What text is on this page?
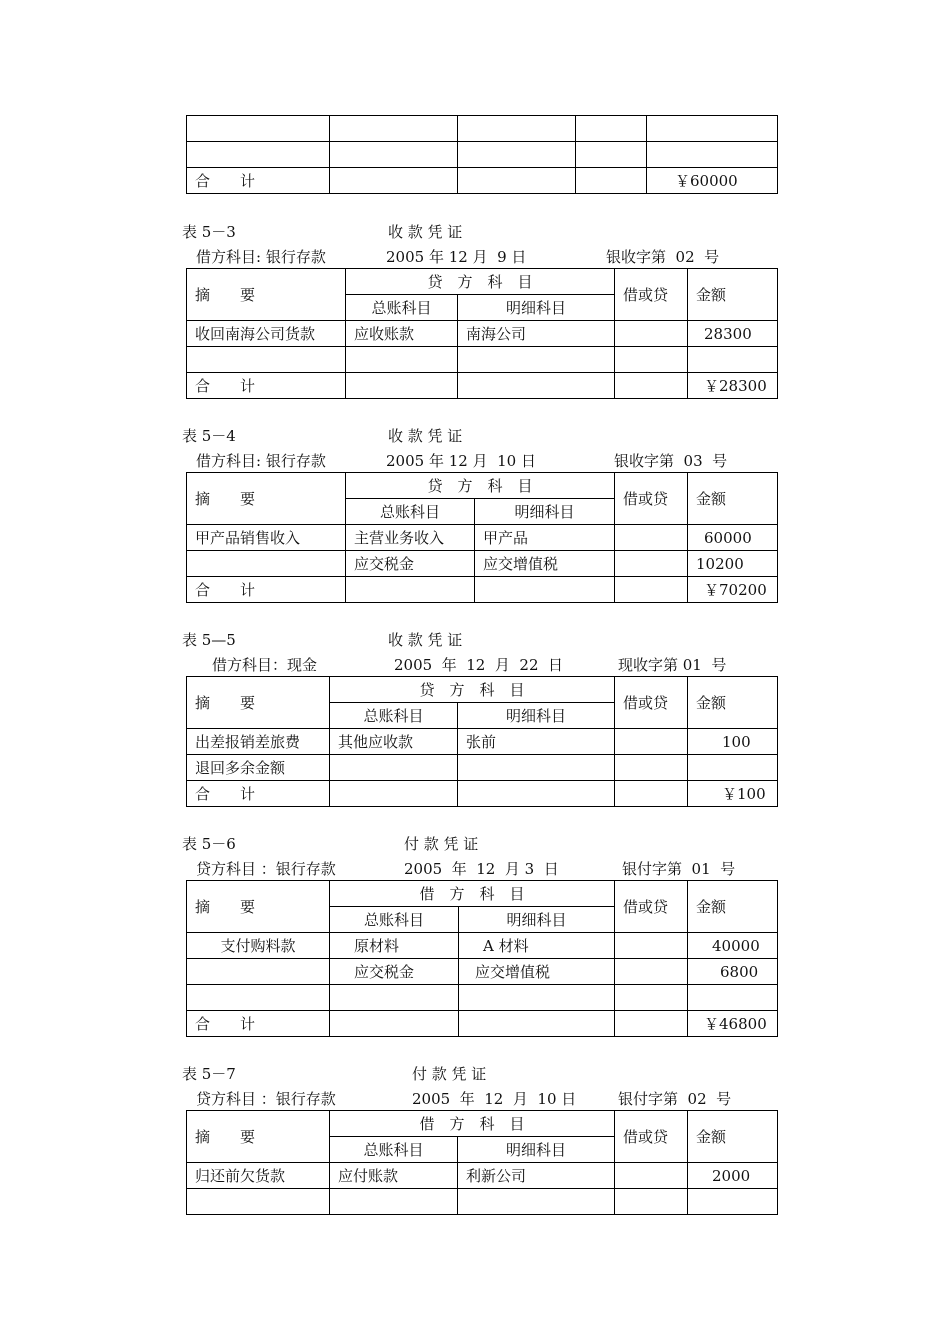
合　　计				￥60000
表 5－3	收 款 凭 证
借方科目: 银行存款	2005 年 12 月  9 日	银收字第  02  号
摘　　要	贷　方　科　目		借或贷	金额
	总账科目	明细科目		
收回南海公司货款	应收账款	南海公司		28300

合　　计				￥28300
表 5－4	收 款 凭 证
借方科目: 银行存款	2005 年 12 月  10 日	银收字第  03  号
摘　　要	贷　方　科　目		借或贷	金额
	总账科目	明细科目		
甲产品销售收入	主营业务收入	甲产品		60000
	应交税金	应交增值税		10200
合　　计				￥70200
表 5—5	收 款 凭 证
借方科目：现金	2005  年  12  月  22  日	现收字第 01  号
摘　　要	贷　方　科　目		借或贷	金额
	总账科目	明细科目		
出差报销差旅费	其他应收款	张前		100
退回多余金额				
合　　计				￥100
表 5－6	付 款 凭 证
贷方科目 ：银行存款	2005  年  12  月 3  日	银付字第  01  号
摘　　要	借　方　科　目		借或贷	金额
	总账科目	明细科目		
支付购料款	原材料	A 材料		40000
	应交税金	应交增值税		6800

合　　计				￥46800
表 5－7	付 款 凭 证
贷方科目 ：银行存款	2005  年  12  月  10 日	银付字第  02  号
摘　　要	借　方　科　目		借或贷	金额
	总账科目	明细科目		
归还前欠货款	应付账款	利新公司		2000
